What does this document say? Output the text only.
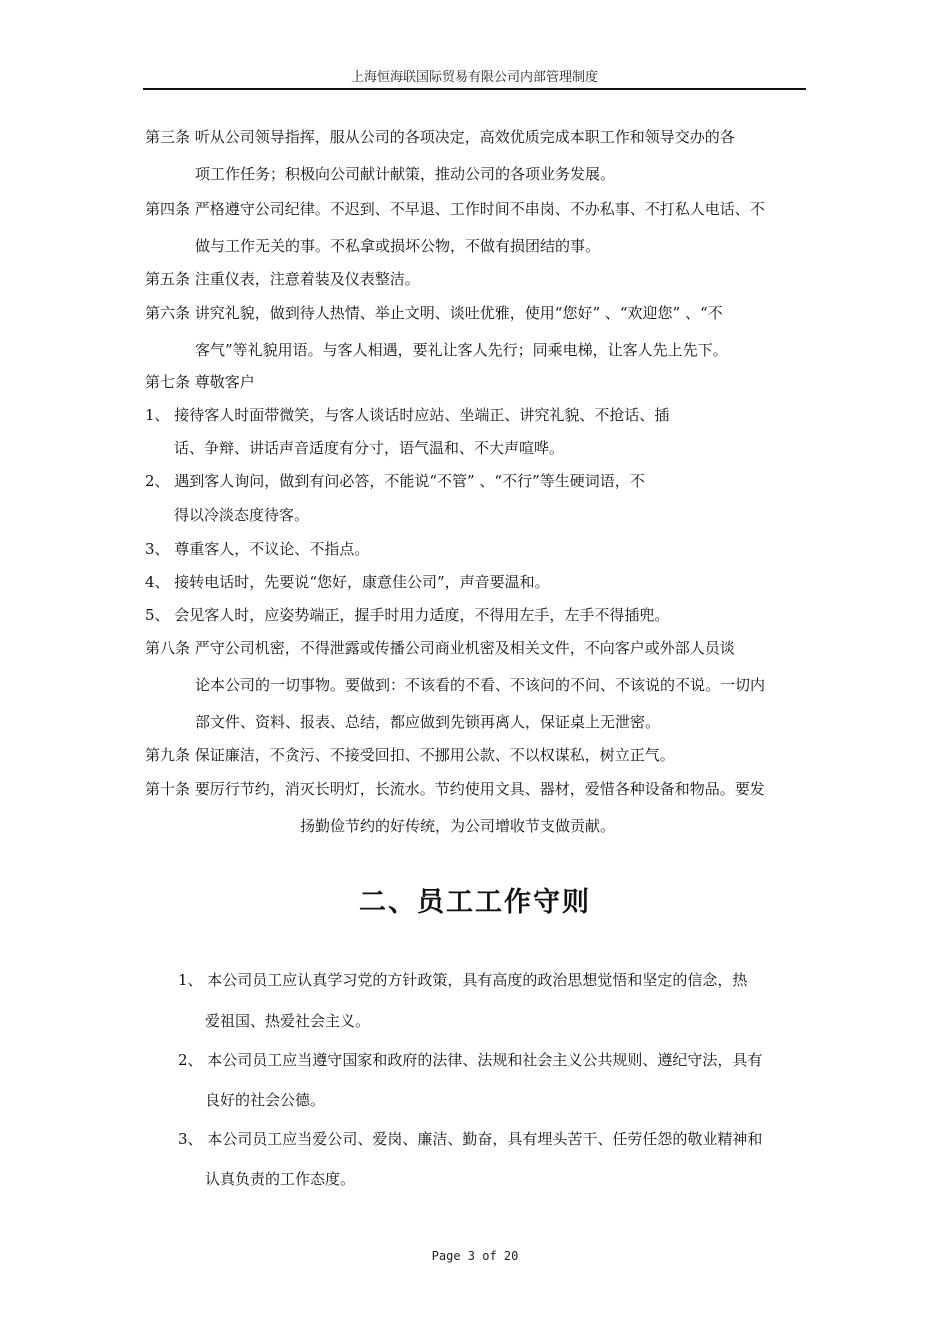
上海恒海联国际贸易有限公司内部管理制度
第三条 听从公司领导指挥，服从公司的各项决定，高效优质完成本职工作和领导交办的各
项工作任务；积极向公司献计献策，推动公司的各项业务发展。
第四条 严格遵守公司纪律。不迟到、不早退、工作时间不串岗、不办私事、不打私人电话、不
做与工作无关的事。不私拿或损坏公物，不做有损团结的事。
第五条 注重仪表，注意着装及仪表整洁。
第六条 讲究礼貌，做到待人热情、举止文明、谈吐优雅，使用“您好” 、“欢迎您” 、“不
客气”等礼貌用语。与客人相遇，要礼让客人先行；同乘电梯，让客人先上先下。
第七条 尊敬客户
1、 接待客人时面带微笑，与客人谈话时应站、坐端正、讲究礼貌、不抢话、插
话、争辩、讲话声音适度有分寸，语气温和、不大声喧哗。
2、 遇到客人询问，做到有问必答，不能说“不管” 、“不行”等生硬词语，不
得以冷淡态度待客。
3、 尊重客人，不议论、不指点。
4、 接转电话时，先要说“您好，康意佳公司”，声音要温和。
5、 会见客人时，应姿势端正，握手时用力适度，不得用左手，左手不得插兜。
第八条 严守公司机密，不得泄露或传播公司商业机密及相关文件，不向客户或外部人员谈
论本公司的一切事物。要做到：不该看的不看、不该问的不问、不该说的不说。一切内
部文件、资料、报表、总结，都应做到先锁再离人，保证桌上无泄密。
第九条 保证廉洁，不贪污、不接受回扣、不挪用公款、不以权谋私，树立正气。
第十条 要厉行节约，消灭长明灯，长流水。节约使用文具、器材，爱惜各种设备和物品。要发
扬勤俭节约的好传统，为公司增收节支做贡献。
二、员工工作守则
1、 本公司员工应认真学习党的方针政策，具有高度的政治思想觉悟和坚定的信念，热
爱祖国、热爱社会主义。
2、 本公司员工应当遵守国家和政府的法律、法规和社会主义公共规则、遵纪守法，具有
良好的社会公德。
3、 本公司员工应当爱公司、爱岗、廉洁、勤奋，具有埋头苦干、任劳任怨的敬业精神和
认真负责的工作态度。
Page 3 of 20
